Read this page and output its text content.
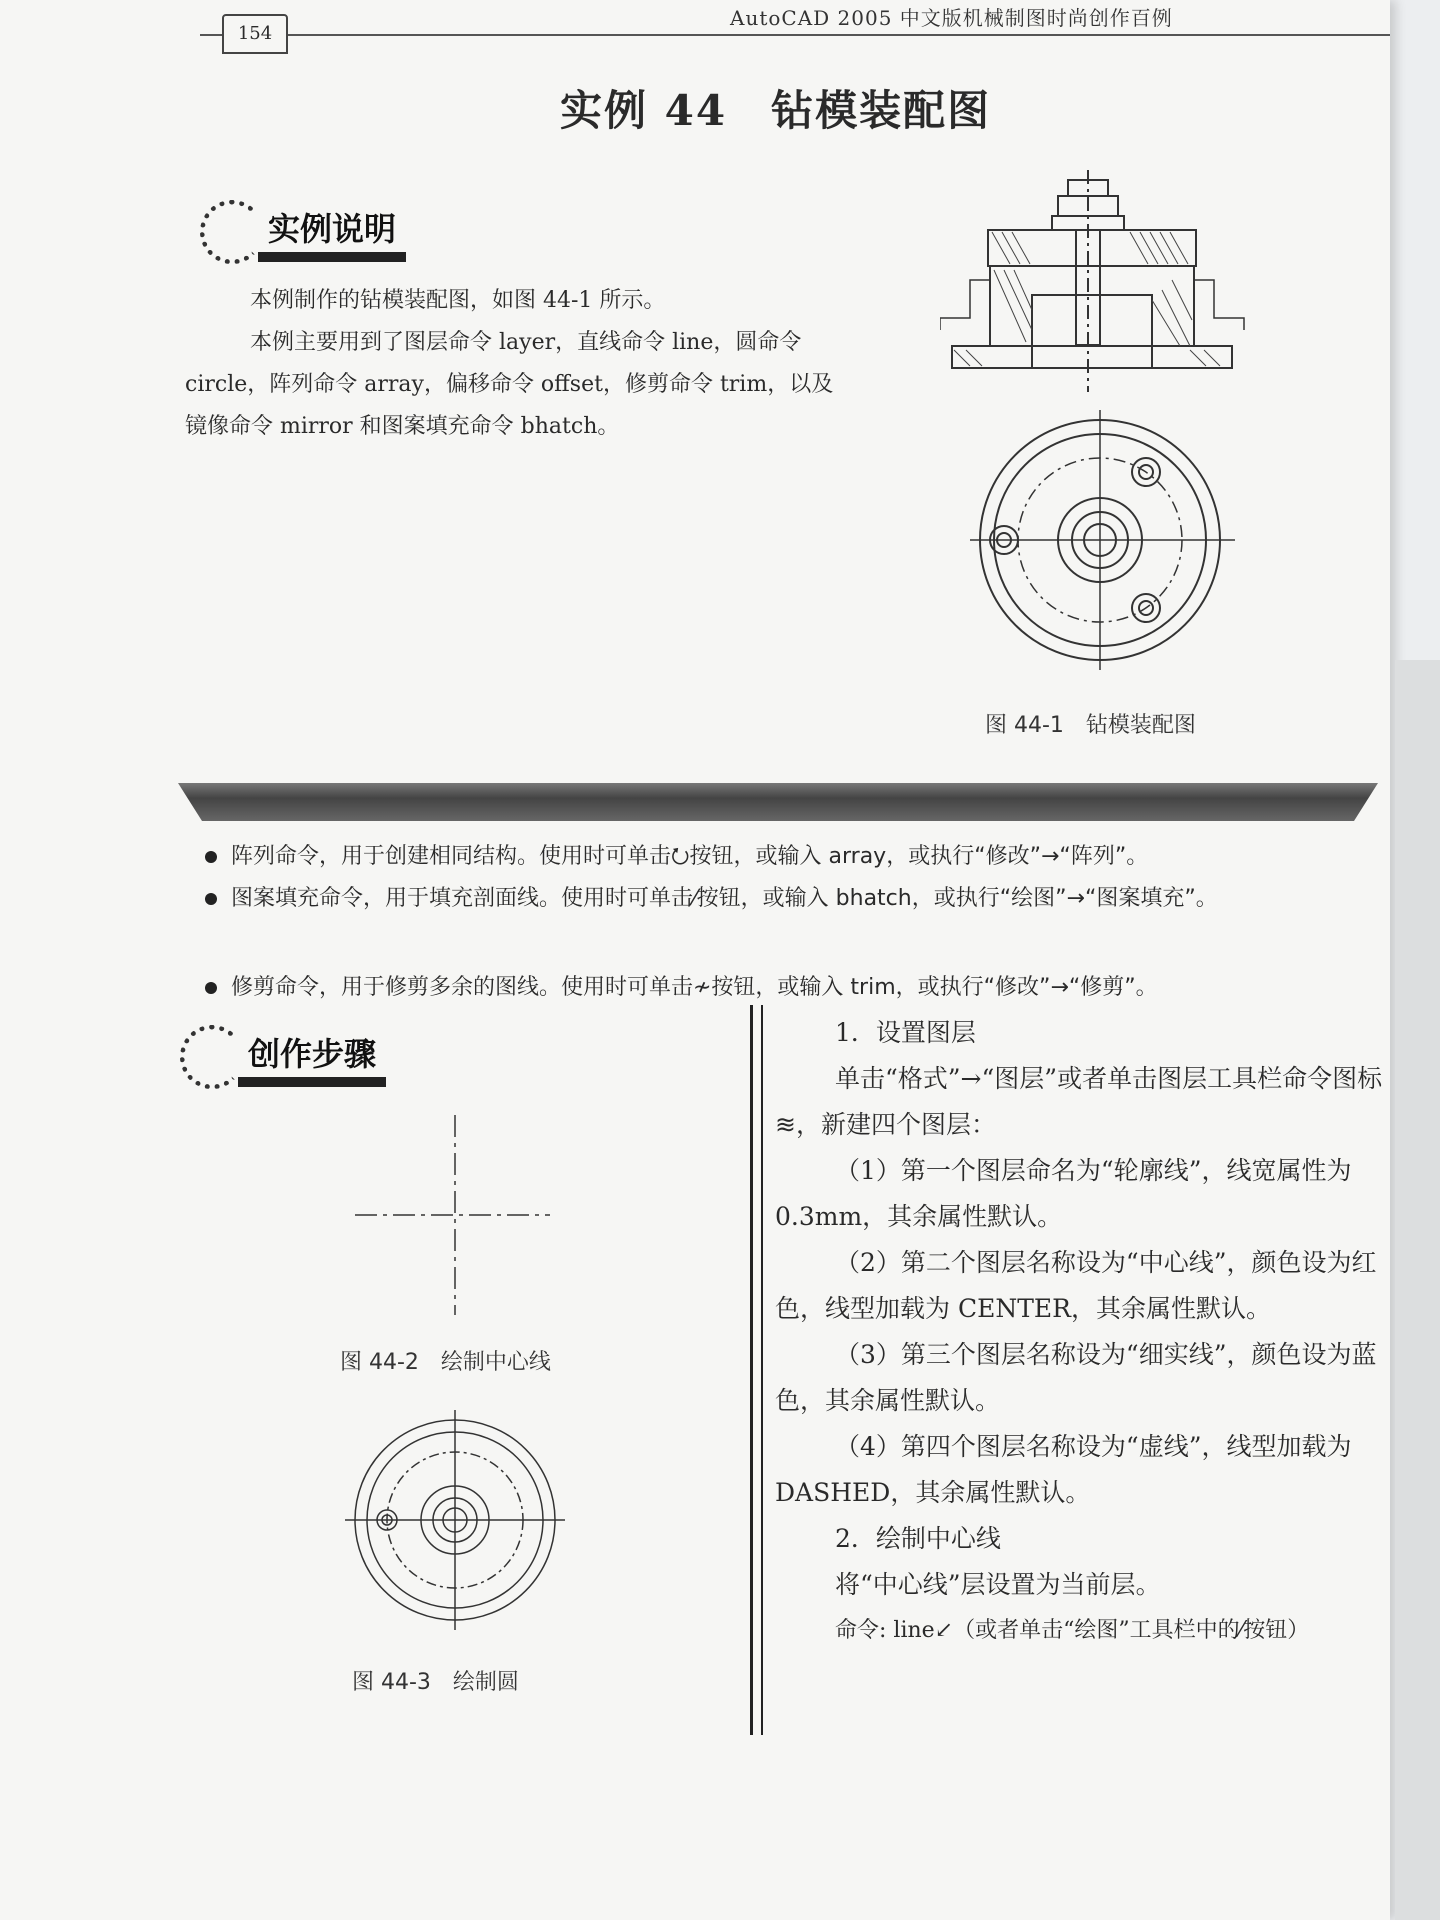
AutoCAD 2005 中文版机械制图时尚创作百例
154
实例 44　钻模装配图
实例说明
本例制作的钻模装配图，如图 44-1 所示。
本例主要用到了图层命令 layer，直线命令 line，圆命令 circle，阵列命令 array，偏移命令 offset，修剪命令 trim，以及镜像命令 mirror 和图案填充命令 bhatch。
图 44-1　钻模装配图
阵列命令，用于创建相同结构。使用时可单击⭮按钮，或输入 array，或执行“修改”→“阵列”。
图案填充命令，用于填充剖面线。使用时可单击⁄按钮，或输入 bhatch，或执行“绘图”→“图案填充”。
修剪命令，用于修剪多余的图线。使用时可单击≁按钮，或输入 trim，或执行“修改”→“修剪”。
创作步骤
图 44-2　绘制中心线
图 44-3　绘制圆

1．设置图层

单击“格式”→“图层”或者单击图层工具栏命令图标≋，新建四个图层：

（1）第一个图层命名为“轮廓线”，线宽属性为 0.3mm，其余属性默认。

（2）第二个图层名称设为“中心线”，颜色设为红色，线型加载为 CENTER，其余属性默认。

（3）第三个图层名称设为“细实线”，颜色设为蓝色，其余属性默认。

（4）第四个图层名称设为“虚线”，线型加载为 DASHED，其余属性默认。

2．绘制中心线

将“中心线”层设置为当前层。

命令: line↙（或者单击“绘图”工具栏中的⁄按钮）
